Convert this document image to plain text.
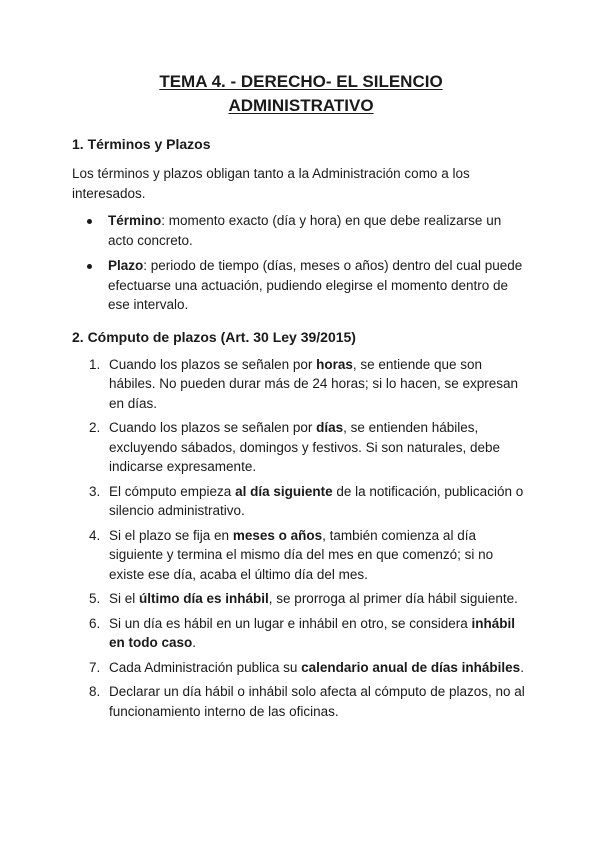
TEMA 4. - DERECHO- EL SILENCIO
ADMINISTRATIVO
1. Términos y Plazos

Los términos y plazos obligan tanto a la Administración como a los interesados.

Término: momento exacto (día y hora) en que debe realizarse un acto concreto.
Plazo: periodo de tiempo (días, meses o años) dentro del cual puede efectuarse una actuación, pudiendo elegirse el momento dentro de ese intervalo.
2. Cómputo de plazos (Art. 30 Ley 39/2015)
1. Cuando los plazos se señalen por horas, se entiende que son hábiles. No pueden durar más de 24 horas; si lo hacen, se expresan en días.
2. Cuando los plazos se señalen por días, se entienden hábiles, excluyendo sábados, domingos y festivos. Si son naturales, debe indicarse expresamente.
3. El cómputo empieza al día siguiente de la notificación, publicación o silencio administrativo.
4. Si el plazo se fija en meses o años, también comienza al día siguiente y termina el mismo día del mes en que comenzó; si no existe ese día, acaba el último día del mes.
5. Si el último día es inhábil, se prorroga al primer día hábil siguiente.
6. Si un día es hábil en un lugar e inhábil en otro, se considera inhábil en todo caso.
7. Cada Administración publica su calendario anual de días inhábiles.
8. Declarar un día hábil o inhábil solo afecta al cómputo de plazos, no al funcionamiento interno de las oficinas.
